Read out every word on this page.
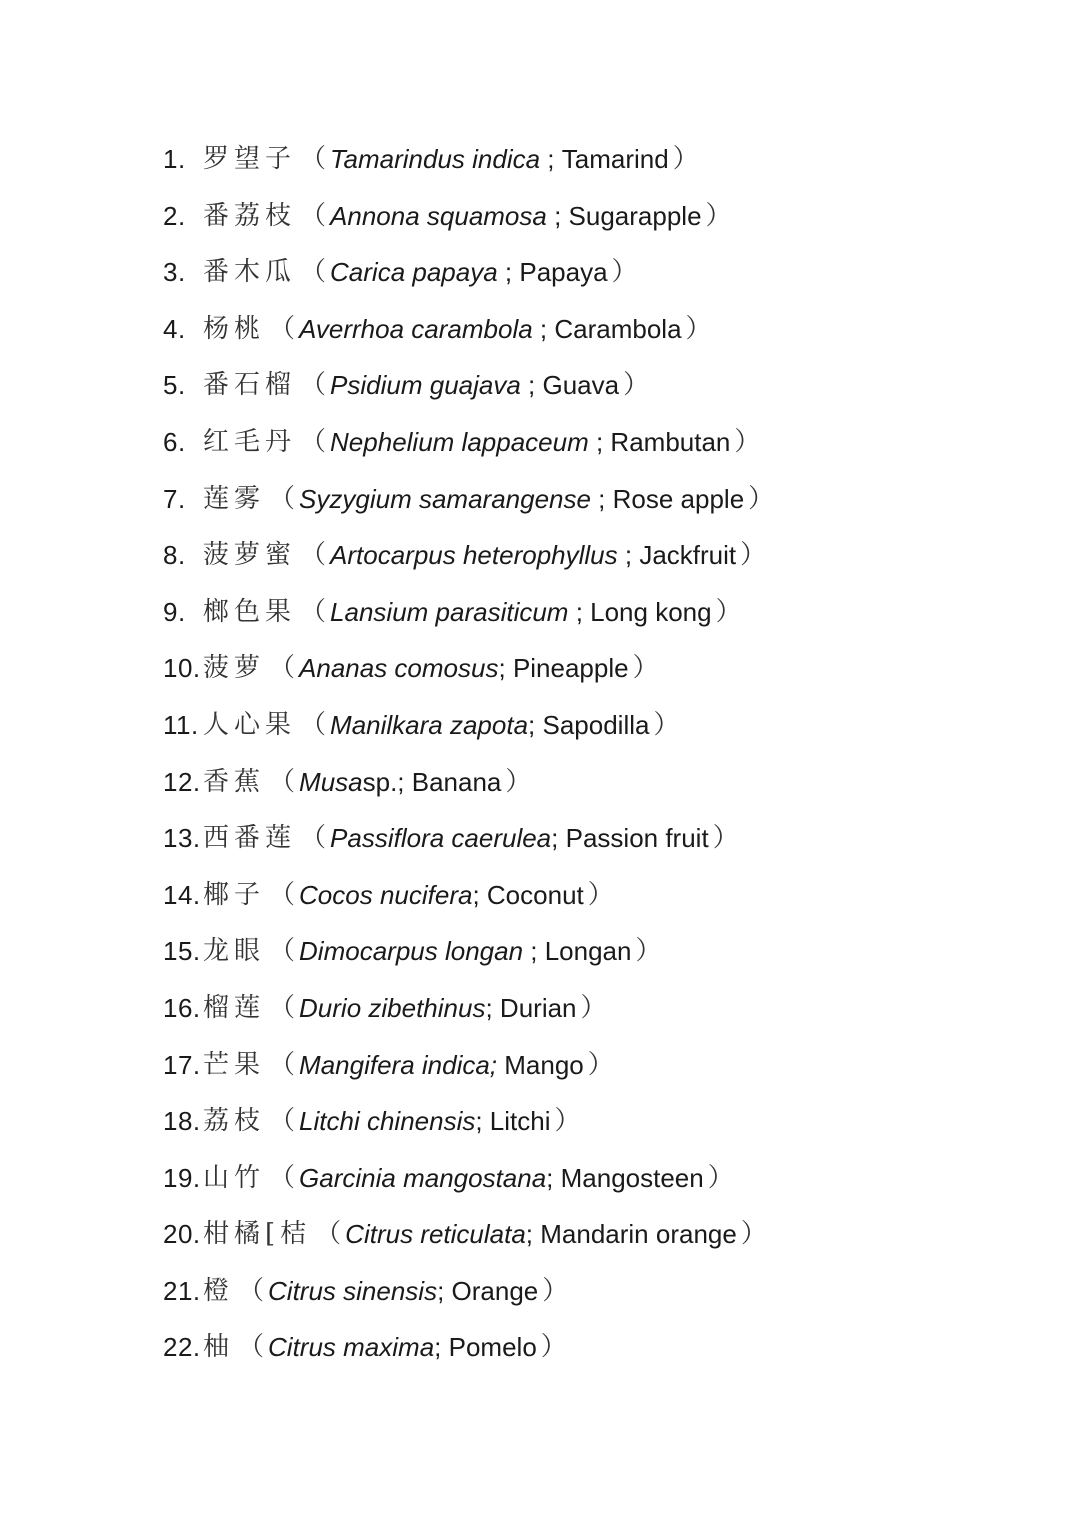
1. 罗望子 （ Tamarindus indica ; Tamarind ）
2. 番荔枝 （ Annona squamosa ; Sugarapple ）
3. 番木瓜 （ Carica papaya ; Papaya ）
4. 杨桃 （ Averrhoa carambola ; Carambola ）
5. 番石榴 （ Psidium guajava ; Guava ）
6. 红毛丹 （ Nephelium lappaceum ; Rambutan ）
7. 莲雾 （ Syzygium samarangense ; Rose apple ）
8. 菠萝蜜 （ Artocarpus heterophyllus ; Jackfruit ）
9. 榔色果 （ Lansium parasiticum ; Long kong ）
10. 菠萝 （ Ananas comosus ; Pineapple ）
11. 人心果 （ Manilkara zapota ; Sapodilla ）
12. 香蕉 （ Musa sp. ; Banana ）
13. 西番莲 （ Passiflora caerulea ; Passion fruit ）
14. 椰子 （ Cocos nucifera ; Coconut ）
15. 龙眼 （ Dimocarpus longan ; Longan ）
16. 榴莲 （ Durio zibethinus ; Durian ）
17. 芒果 （ Mangifera indica;
Mango ）
18. 荔枝 （ Litchi chinensis ; Litchi ）
19. 山竹 （ Garcinia mangostana ; Mangosteen ）
20. 柑橘[桔 （ Citrus reticulata ; Mandarin orange ）
21. 橙 （ Citrus sinensis ; Orange ）
22. 柚 （ Citrus maxima ; Pomelo ）
